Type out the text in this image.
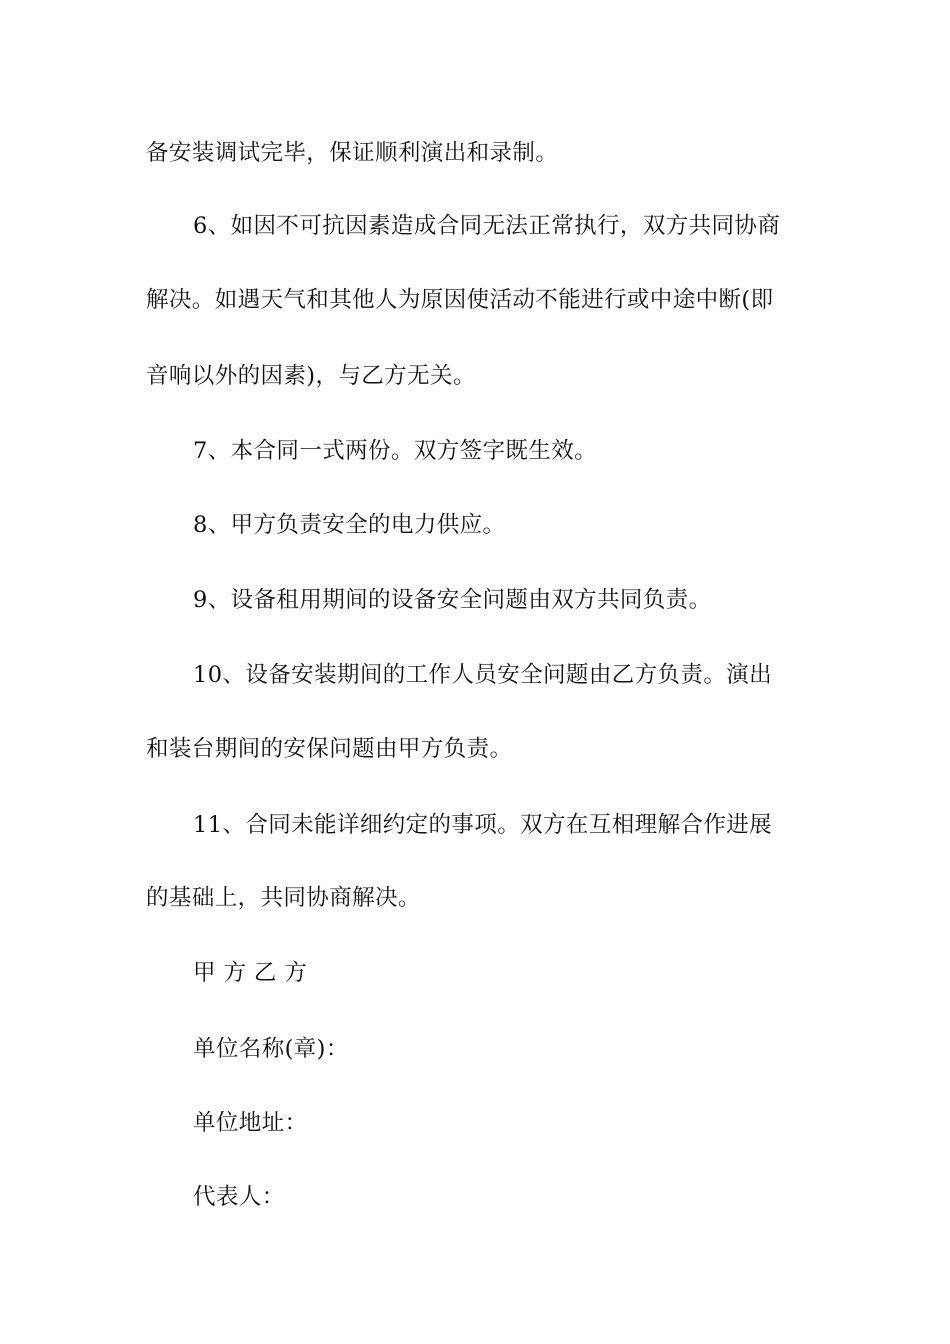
备安装调试完毕，保证顺利演出和录制。
6、如因不可抗因素造成合同无法正常执行，双方共同协商
解决。如遇天气和其他人为原因使活动不能进行或中途中断(即
音响以外的因素)，与乙方无关。
7、本合同一式两份。双方签字既生效。
8、甲方负责安全的电力供应。
9、设备租用期间的设备安全问题由双方共同负责。
10、设备安装期间的工作人员安全问题由乙方负责。演出
和装台期间的安保问题由甲方负责。
11、合同未能详细约定的事项。双方在互相理解合作进展
的基础上，共同协商解决。
甲 方 乙 方
单位名称(章)：
单位地址：
代表人：
